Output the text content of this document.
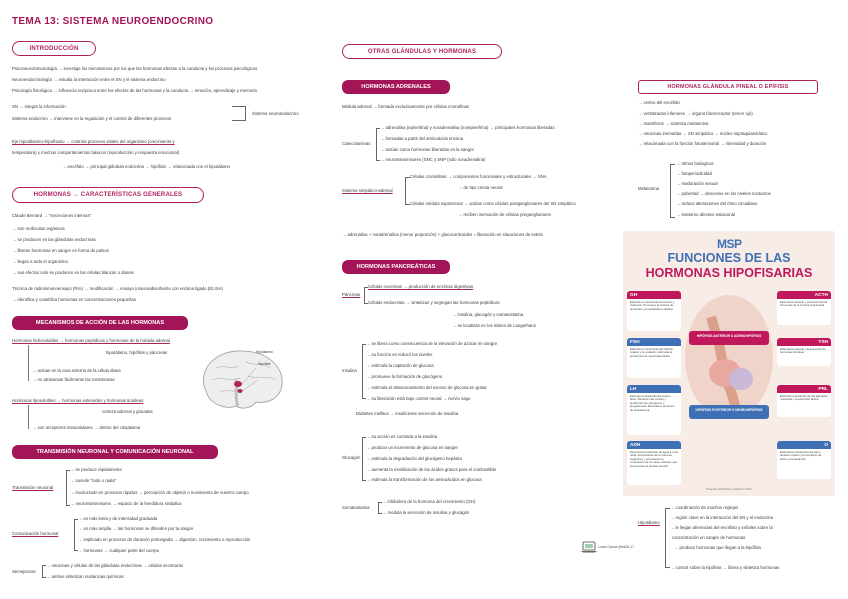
TEMA 13: SISTEMA NEUROENDOCRINO
INTRODUCCIÓN
Psiconeuroinmunología → investiga los mecanismos por los que las hormonas afectan a la conducta y los procesos psicológicos
Neuroendocrinología → estudia la interacción entre el SN y el sistema endocrino
Psicología fisiológica → influencia recíproca entre los efectos de las hormonas y la conducta → emoción, aprendizaje y memoria
SN → integra la información
Sistema endocrino → interviene en la regulación y el control de diferentes procesos
Sistema neuroendocrino
Eje hipotálamico-hipofisario → controla procesos vitales del organismo (crecimiento y
temperatura) y muchos comportamientos básicos (reproducción y respuesta emocional)
→ encéfalo → principal glándula endocrina → hipófisis → relacionada con el hipotálamo
HORMONAS → CARACTERÍSTICAS GENERALES
Claude Bernard → "secreciones internas"
→ son moléculas orgánicas
→ se producen en las glándulas endocrinas
→ liberan hormonas en sangre en forma de pulsos
→ llegan a todo el organismo
→ sus efectos solo se producen en las células blancas o dianas
Técnica de radioinmunoensayo (RIA) → modificación → ensayo inmunoabsorbente con enzima ligado (ELISA)
→ identifica y cuantifica hormonas en concentraciones pequeñas
MECANISMOS DE ACCIÓN DE LAS HORMONAS
Hormonas hidrosolubles → hormonas peptídicas y hormonas de la médula adrenal
hipotálamo, hipófisis y páncreas
→ actúan en la cara externa de la célula diana
→ no atraviesan fácilmente las membranas
Hormonas liposolubles → hormonas esteroides y hormonas tiroideas
corteza adrenal y gónadas
→ son receptores intracelulares → dentro del citoplasma
Hipotálamo
Hipófisis
TRANSMISIÓN NEURONAL Y COMUNICACIÓN NEURONAL
→ se produce rápidamente
→ sucede "todo o nada"
Transmisión neuronal
→ involucrado en procesos rápidos → percepción de objetos o movimiento de nuestro cuerpo
→ neurotransmisores → espacio de la hendidura sináptica
→ es más lenta y de intensidad graduada
→ es más amplia → las hormonas se difunden por la sangre
Comunicación hormonal
→ implicado en procesos de duración prolongada → digestión, crecimiento o reproducción
→ hormonas → cualquier parte del cuerpo
Semejanzas
→ neuronas y células de las glándulas endocrinas → células secretoras
→ ambos sintetizan sustancias químicas
OTRAS GLÁNDULAS Y HORMONAS
HORMONAS ADRENALES
Médula adrenal → formada exclusivamente por células cromafinas
→ adrenalina (epinefrina) y noradrenalina (norepinefrina) → principales hormonas liberadas
→ formadas a partir del aminoácido tirosina
Catecolaminas
→ actúan como hormonas liberadas en la sangre
→ neurotransmisores (SNC y SNP (sólo noradrenalina)
Células cromafinas → componentes funcionales y estructurales → SNA
→ de tipo cresta neural
Sistema simpático-adrenal
Células médula suprarrenal → actúan como células postganglionares del SN simpático
→ reciben inervación de células preganglionares
→ adrenalina + noradrenalina (menor proporción) + glucocorticoides = liberación en situaciones de estrés
HORMONAS PANCREÁTICAS
Células exocrinas → producción de enzimas digestivas
Páncreas
Células endocrinas → sintetizan y segregan las hormonas peptídicas
→ insulina, glucagón y somatostatina
→ se localizan en los islotes de Langerhans
→ se libera como consecuencia de la elevación de azúcar en sangre
→ su función es reducir los niveles
→ estimula la captación de glucosa
Insulina
→ promueve la formación de glucógeno
→ estimula el almacenamiento del exceso de glucosa en grasa
→ su liberación está bajo control neural → nervio vago
Diabetes mellitus → insuficiente secreción de insulina
→ su acción es contraria a la insulina
→ produce un incremento de glucosa en sangre
Glucagón → estimula la degradación del glucógeno hepático
→ aumenta la movilización de los ácidos grasos para el combustible
→ estimula la transformación de los aminoácidos en glucosa
Somatostatina
→ inhibidora de la hormona del crecimiento (GH)
→ modula la secreción de insulina y glucagón
HORMONAS GLÁNDULA PINEAL O EPÍFISIS
→ centro del encéfalo
→ vertebrados inferiores → órgano fotorreceptor (tercer ojo)
→ mamíferos → sintetiza melatonina
→ neuronas inervadas → SN simpático → núcleo supraquiasmático
→ relacionada con la función fotosensorial → intensidad y duración
→ ritmos biológicos
→ fotoperiodicidad
→ maduración sexual
Melatonina
→ pubertad → descenso en los niveles nocturnos
→ reduce alteraciones del ritmo circadiano
→ trastorno afectivo estacional
MSP
FUNCIONES DE LAS
HORMONAS HIPOFISARIAS
HIPÓFISIS ANTERIOR O ADENOHIPÓFISIS
HIPÓFISIS POSTERIOR O NEUROHIPÓFISIS
GH
Estimula el crecimiento de huesos y músculos. Promueve la síntesis de proteínas y el metabolismo lipídico.
ACTH
Estimula la síntesis y secreción de las hormonas de la corteza suprarrenal.
FSH
Estimula el crecimiento del folículo ovárico y la ovulación. Estimula la producción de espermatozoides.
TSH
Estimula la síntesis y la secreción de hormonas tiroideas.
LH
Estimula el desarrollo del cuerpo lúteo, liberación del ovocito y producción de estrógenos y progesterona. Estimula la secreción de testosterona.
PRL
Estimula el desarrollo de las glándulas mamarias y la secreción láctea.
ADH
Determina la retención de agua a nivel renal, aumentando así el volumen sanguíneo y provocando la contracción de los vasos. Efectos que incrementan la tensión arterial.
O
Estimula la contracción del útero durante el parto y la expulsión de leche en la lactancia.
Pinanda: SHOSSH y Gabriel S 2013
→ coordinación de muchos reglejos
→ región clave en la interacción del SN y el endocrino
Hipotálamo
→ le llegan aferencias del encéfalo y señales sobre la
concentración en sangre de hormonas
→ produce hormonas que llegan a la hipófisis
→ control sobre la hipófisis → libera y sintetiza hormonas
Lucía García @esiSL17
